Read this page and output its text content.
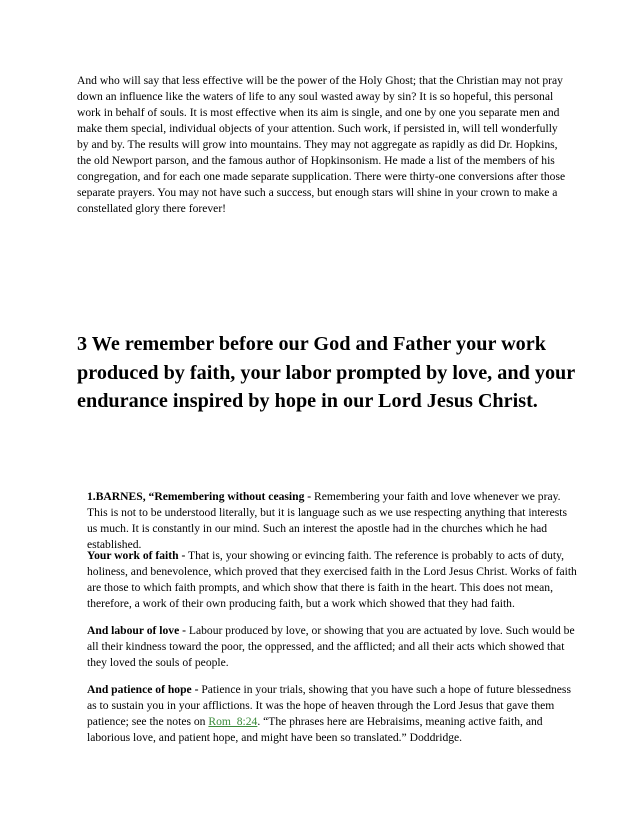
And who will say that less effective will be the power of the Holy Ghost; that the Christian may not pray down an influence like the waters of life to any soul wasted away by sin? It is so hopeful, this personal work in behalf of souls. It is most effective when its aim is single, and one by one you separate men and make them special, individual objects of your attention. Such work, if persisted in, will tell wonderfully by and by. The results will grow into mountains. They may not aggregate as rapidly as did Dr. Hopkins, the old Newport parson, and the famous author of Hopkinsonism. He made a list of the members of his congregation, and for each one made separate supplication. There were thirty-one conversions after those separate prayers. You may not have such a success, but enough stars will shine in your crown to make a constellated glory there forever!

3 We remember before our God and Father your work produced by faith, your labor prompted by love, and your endurance inspired by hope in our Lord Jesus Christ.

1.BARNES, “Remembering without ceasing - Remembering your faith and love whenever we pray. This is not to be understood literally, but it is language such as we use respecting anything that interests us much. It is constantly in our mind. Such an interest the apostle had in the churches which he had established.

Your work of faith - That is, your showing or evincing faith. The reference is probably to acts of duty, holiness, and benevolence, which proved that they exercised faith in the Lord Jesus Christ. Works of faith are those to which faith prompts, and which show that there is faith in the heart. This does not mean, therefore, a work of their own producing faith, but a work which showed that they had faith.

And labour of love - Labour produced by love, or showing that you are actuated by love. Such would be all their kindness toward the poor, the oppressed, and the afflicted; and all their acts which showed that they loved the souls of people.

And patience of hope - Patience in your trials, showing that you have such a hope of future blessedness as to sustain you in your afflictions. It was the hope of heaven through the Lord Jesus that gave them patience; see the notes on Rom_8:24. “The phrases here are Hebraisims, meaning active faith, and laborious love, and patient hope, and might have been so translated.” Doddridge.
